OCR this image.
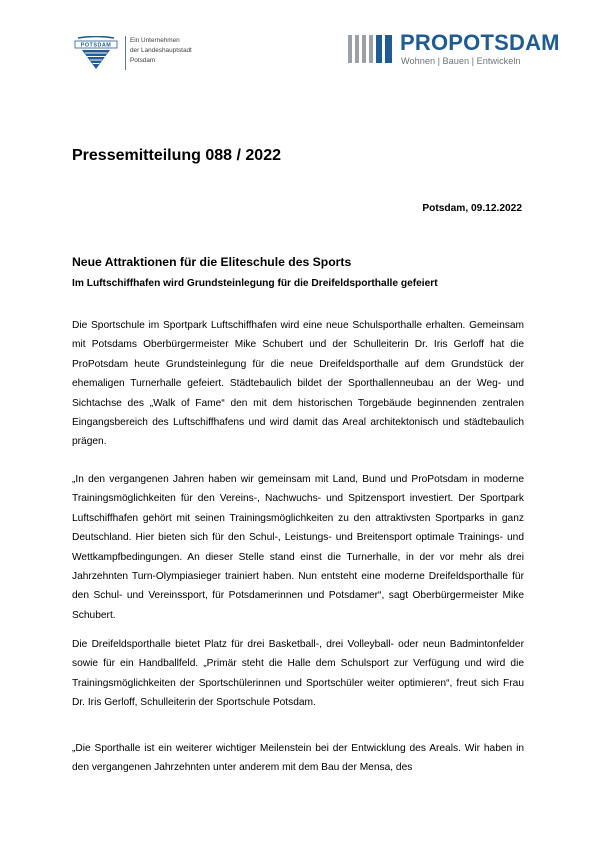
POTSDAM
Ein Unternehmen
der Landeshauptstadt
Potsdam
PROPOTSDAM
Wohnen | Bauen | Entwickeln
Pressemitteilung 088 / 2022
Potsdam, 09.12.2022
Neue Attraktionen für die Eliteschule des Sports
Im Luftschiffhafen wird Grundsteinlegung für die Dreifeldsporthalle gefeiert
Die Sportschule im Sportpark Luftschiffhafen wird eine neue Schulsporthalle erhalten. Gemeinsam mit Potsdams Oberbürgermeister Mike Schubert und der Schulleiterin Dr. Iris Gerloff hat die ProPotsdam heute Grundsteinlegung für die neue Dreifeldsporthalle auf dem Grundstück der ehemaligen Turnerhalle gefeiert. Städtebaulich bildet der Sporthallenneubau an der Weg- und Sichtachse des „Walk of Fame“ den mit dem historischen Torgebäude beginnenden zentralen Eingangsbereich des Luftschiffhafens und wird damit das Areal architektonisch und städtebaulich prägen.
„In den vergangenen Jahren haben wir gemeinsam mit Land, Bund und ProPotsdam in moderne Trainingsmöglichkeiten für den Vereins-, Nachwuchs- und Spitzensport investiert. Der Sportpark Luftschiffhafen gehört mit seinen Trainingsmöglichkeiten zu den attraktivsten Sportparks in ganz Deutschland. Hier bieten sich für den Schul-, Leistungs- und Breitensport optimale Trainings- und Wettkampfbedingungen. An dieser Stelle stand einst die Turnerhalle, in der vor mehr als drei Jahrzehnten Turn-Olympiasieger trainiert haben. Nun entsteht eine moderne Dreifeldsporthalle für den Schul- und Vereinssport, für Potsdamerinnen und Potsdamer“, sagt Oberbürgermeister Mike Schubert.
Die Dreifeldsporthalle bietet Platz für drei Basketball-, drei Volleyball- oder neun Badmintonfelder sowie für ein Handballfeld. „Primär steht die Halle dem Schulsport zur Verfügung und wird die Trainingsmöglichkeiten der Sportschülerinnen und Sportschüler weiter optimieren“, freut sich Frau Dr. Iris Gerloff, Schulleiterin der Sportschule Potsdam.
„Die Sporthalle ist ein weiterer wichtiger Meilenstein bei der Entwicklung des Areals. Wir haben in den vergangenen Jahrzehnten unter anderem mit dem Bau der Mensa, des
